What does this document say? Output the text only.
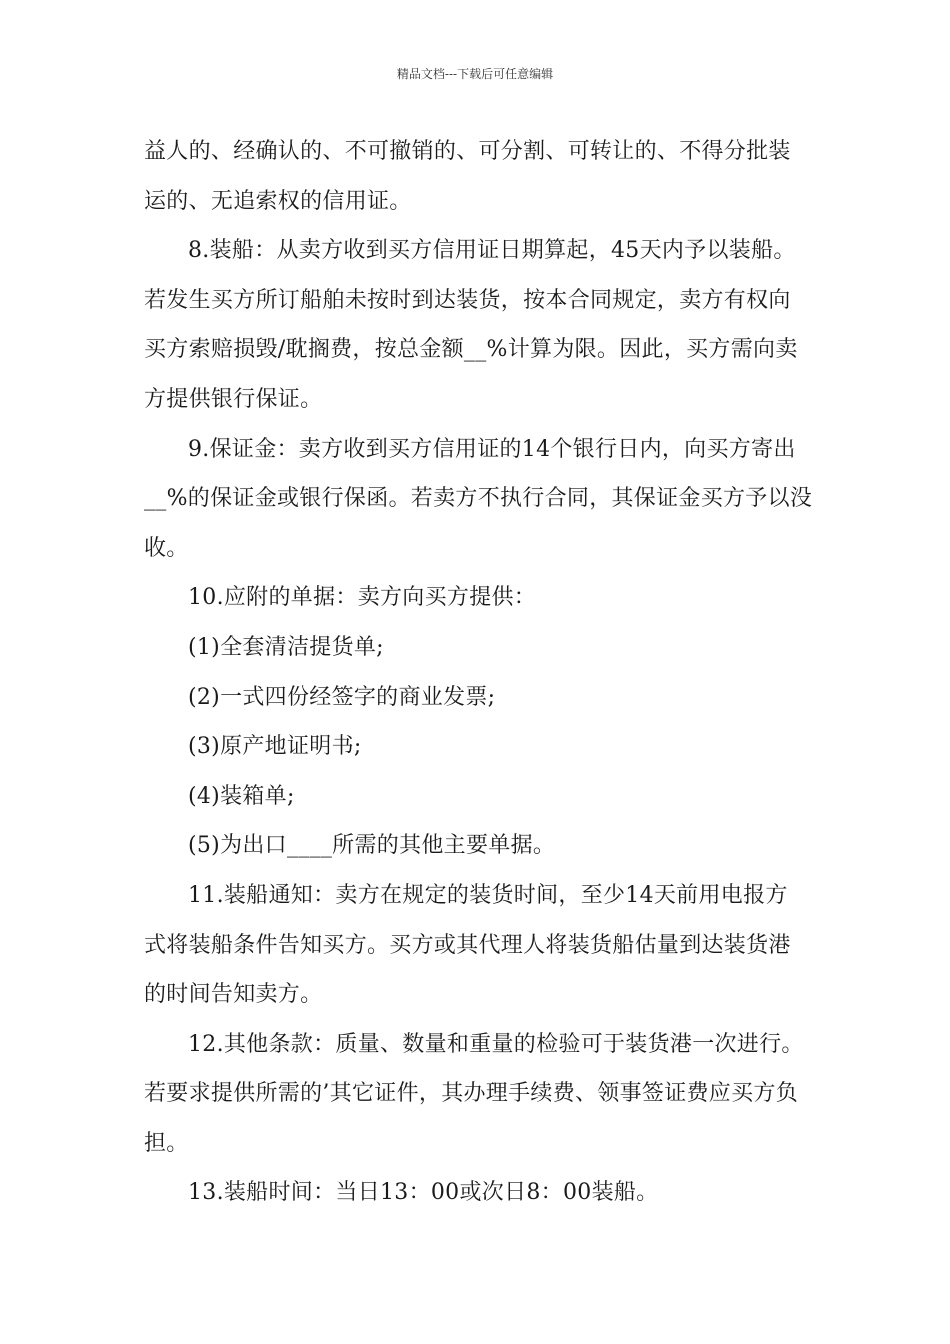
精品文档---下载后可任意编辑
益人的、经确认的、不可撤销的、可分割、可转让的、不得分批装
运的、无追索权的信用证。
8.装船：从卖方收到买方信用证日期算起，45天内予以装船。
若发生买方所订船舶未按时到达装货，按本合同规定，卖方有权向
买方索赔损毁/耽搁费，按总金额__%计算为限。因此，买方需向卖
方提供银行保证。
9.保证金：卖方收到买方信用证的14个银行日内，向买方寄出
__%的保证金或银行保函。若卖方不执行合同，其保证金买方予以没
收。
10.应附的单据：卖方向买方提供：
(1)全套清洁提货单;
(2)一式四份经签字的商业发票;
(3)原产地证明书;
(4)装箱单;
(5)为出口____所需的其他主要单据。
11.装船通知：卖方在规定的装货时间，至少14天前用电报方
式将装船条件告知买方。买方或其代理人将装货船估量到达装货港
的时间告知卖方。
12.其他条款：质量、数量和重量的检验可于装货港一次进行。
若要求提供所需的’其它证件，其办理手续费、领事签证费应买方负
担。
13.装船时间：当日13：00或次日8：00装船。
